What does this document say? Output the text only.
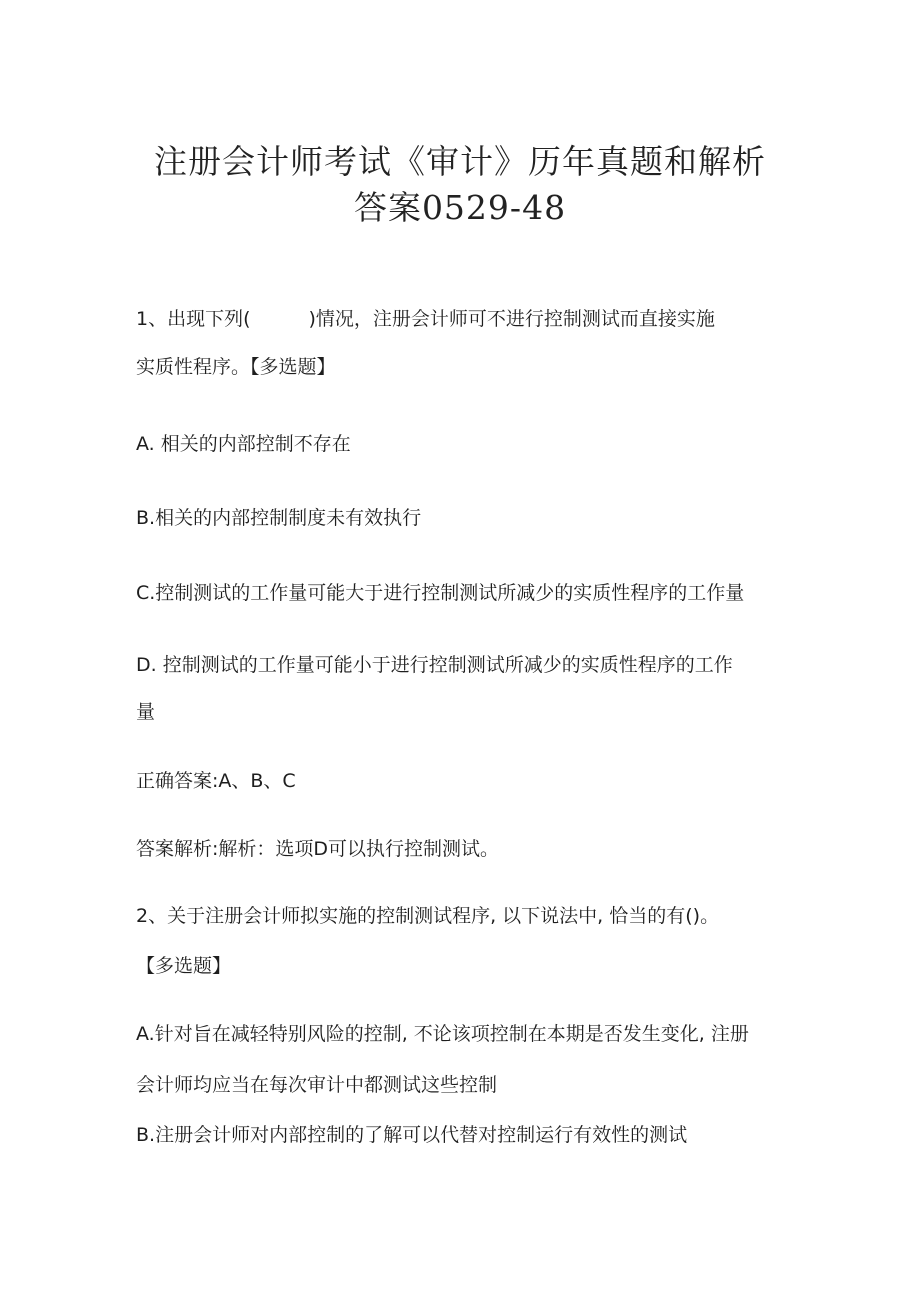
注册会计师考试《审计》历年真题和解析
答案0529-48
1、出现下列(	)情况，注册会计师可不进行控制测试而直接实施
实质性程序。【多选题】
A. 相关的内部控制不存在
B.相关的内部控制制度未有效执行
C.控制测试的工作量可能大于进行控制测试所减少的实质性程序的工作量
D. 控制测试的工作量可能小于进行控制测试所减少的实质性程序的工作
量
正确答案:A、B、C
答案解析:解析：选项D可以执行控制测试。
2、关于注册会计师拟实施的控制测试程序, 以下说法中, 恰当的有()。
【多选题】
A.针对旨在减轻特别风险的控制, 不论该项控制在本期是否发生变化, 注册
会计师均应当在每次审计中都测试这些控制
B.注册会计师对内部控制的了解可以代替对控制运行有效性的测试
